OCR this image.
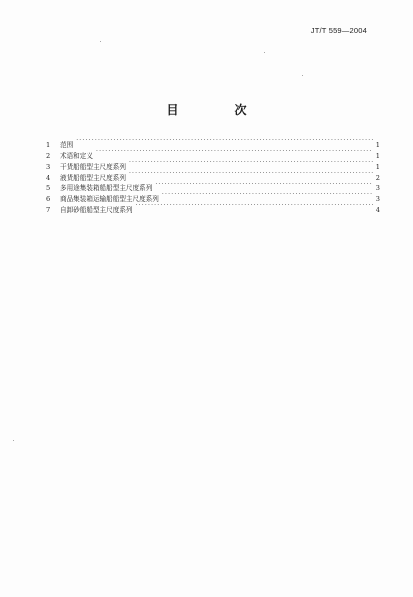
JT/T 559—2004
目　次
1	范围 ·····	1
2	术语和定义 ·····	1
3	干货船船型主尺度系列 ·····	1
4	液货船船型主尺度系列 ·····	2
5	多用途集装箱船船型主尺度系列 ·····	3
6	商品集装箱运输船船型主尺度系列 ·····	3
7	自卸砂船船型主尺度系列 ·····	4
